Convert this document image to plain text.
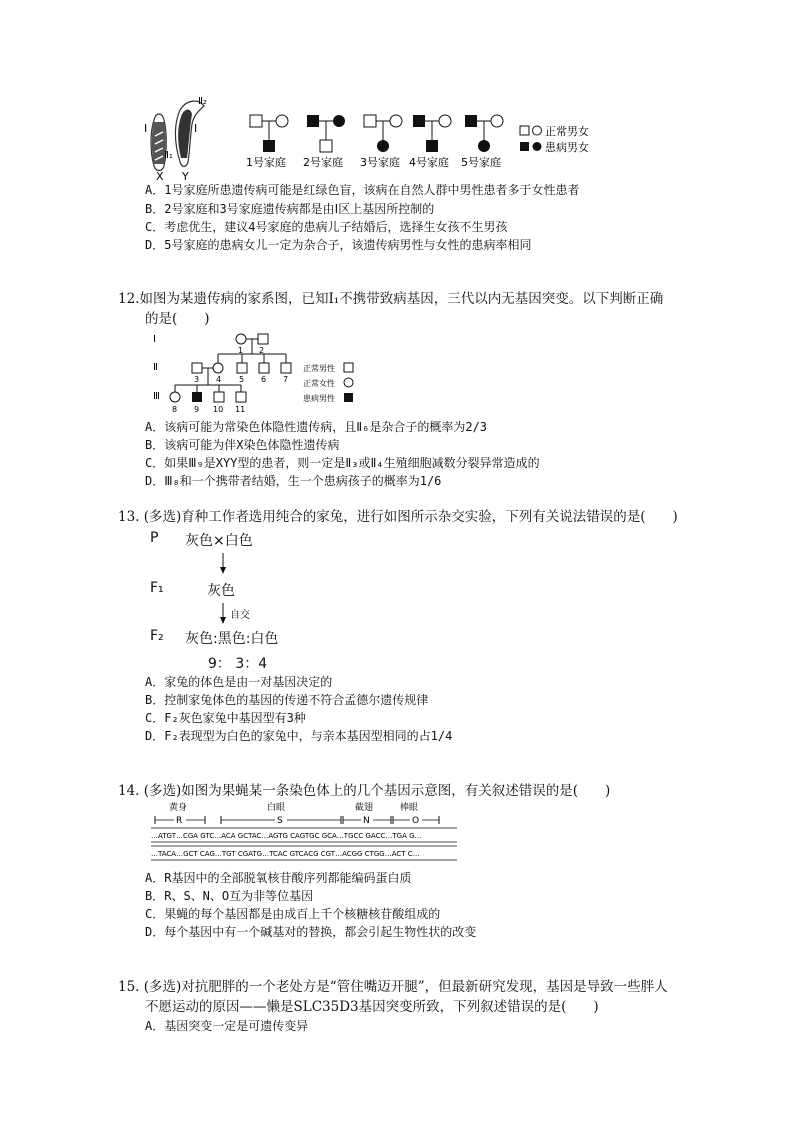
I	I
Ⅱ₂
Ⅱ₁
X Y
1号家庭 2号家庭 3号家庭 4号家庭 5号家庭
正常男女
患病男女
A．1号家庭所患遗传病可能是红绿色盲，该病在自然人群中男性患者多于女性患者
B．2号家庭和3号家庭遗传病都是由Ⅰ区上基因所控制的
C．考虑优生，建议4号家庭的患病儿子结婚后，选择生女孩不生男孩
D．5号家庭的患病女儿一定为杂合子，该遗传病男性与女性的患病率相同
12.如图为某遗传病的家系图，已知Ⅰ₁不携带致病基因，三代以内无基因突变。以下判断正确
的是(　　)
Ⅰ
Ⅱ
Ⅲ
1 2
3 4 5 6 7
8 9 10 11
正常男性
正常女性
患病男性
A．该病可能为常染色体隐性遗传病，且Ⅱ₆是杂合子的概率为2/3
B．该病可能为伴X染色体隐性遗传病
C．如果Ⅲ₉是XYY型的患者，则一定是Ⅱ₃或Ⅱ₄生殖细胞减数分裂异常造成的
D．Ⅲ₈和一个携带者结婚，生一个患病孩子的概率为1/6
13. (多选)育种工作者选用纯合的家兔，进行如图所示杂交实验，下列有关说法错误的是(　　)
P 灰色×白色
F₁	灰色
自交
F₂ 灰色:黑色:白色
9： 3：4
A．家兔的体色是由一对基因决定的
B．控制家兔体色的基因的传递不符合孟德尔遗传规律
C．F₂灰色家兔中基因型有3种
D．F₂表现型为白色的家兔中，与亲本基因型相同的占1/4
14. (多选)如图为果蝇某一条染色体上的几个基因示意图，有关叙述错误的是(　　)
黄身	白眼	截翅	棒眼
R	S	N	O
…ATGT…CGA GTC…ACA GCTAC…AGTG CAGTGC GCA…TGCC GACC…TGA G…
…TACA…GCT CAG…TGT CGATG…TCAC GTCACG CGT…ACGG CTGG…ACT C…
A．R基因中的全部脱氧核苷酸序列都能编码蛋白质
B．R、S、N、O互为非等位基因
C．果蝇的每个基因都是由成百上千个核糖核苷酸组成的
D．每个基因中有一个碱基对的替换，都会引起生物性状的改变
15. (多选)对抗肥胖的一个老处方是“管住嘴迈开腿”，但最新研究发现，基因是导致一些胖人
不愿运动的原因——懒是SLC35D3基因突变所致，下列叙述错误的是(　　)
A．基因突变一定是可遗传变异
